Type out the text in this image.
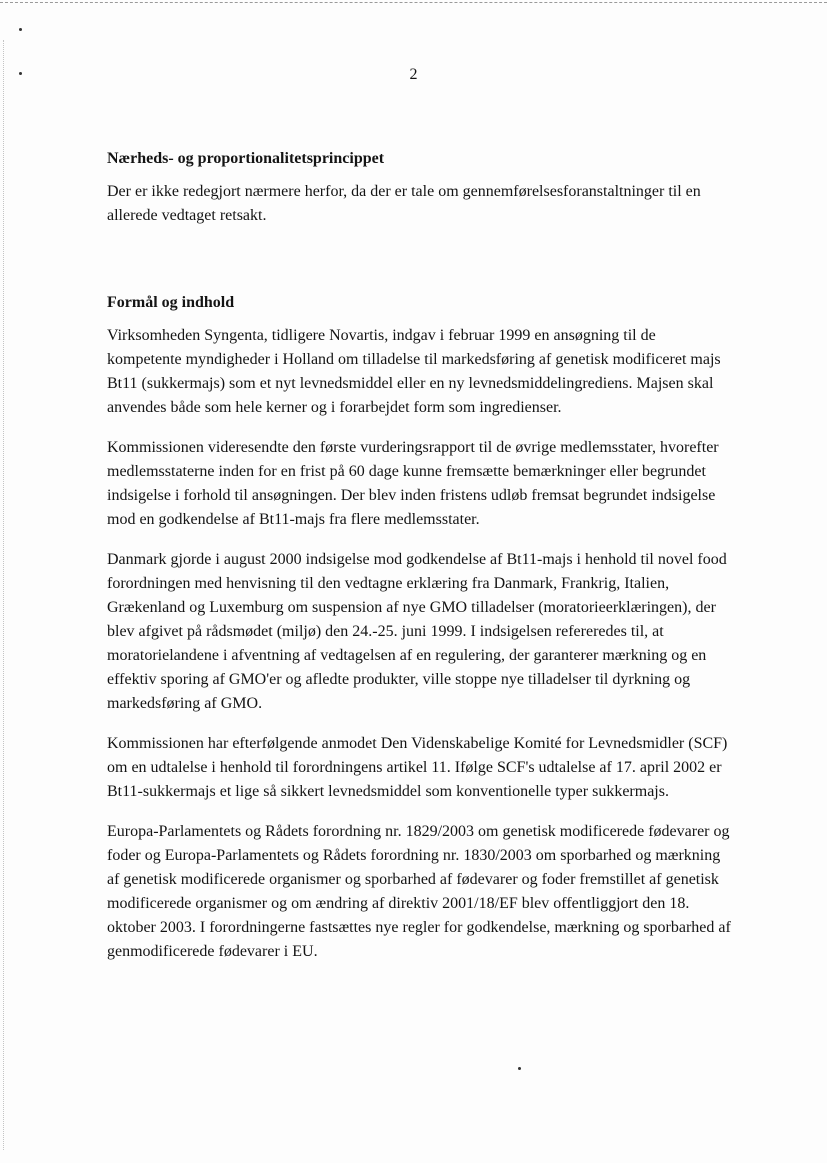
2
Nærheds- og proportionalitetsprincippet

Der er ikke redegjort nærmere herfor, da der er tale om gennemførelsesforanstaltninger til en allerede vedtaget retsakt.

Formål og indhold

Virksomheden Syngenta, tidligere Novartis, indgav i februar 1999 en ansøgning til de kompetente myndigheder i Holland om tilladelse til markedsføring af genetisk modificeret majs Bt11 (sukkermajs) som et nyt levnedsmiddel eller en ny levnedsmiddelingrediens. Majsen skal anvendes både som hele kerner og i forarbejdet form som ingredienser.

Kommissionen videresendte den første vurderingsrapport til de øvrige medlemsstater, hvorefter medlemsstaterne inden for en frist på 60 dage kunne fremsætte bemærkninger eller begrundet indsigelse i forhold til ansøgningen. Der blev inden fristens udløb fremsat begrundet indsigelse mod en godkendelse af Bt11-majs fra flere medlemsstater.

Danmark gjorde i august 2000 indsigelse mod godkendelse af Bt11-majs i henhold til novel food forordningen med henvisning til den vedtagne erklæring fra Danmark, Frankrig, Italien, Grækenland og Luxemburg om suspension af nye GMO tilladelser (moratorieerklæringen), der blev afgivet på rådsmødet (miljø) den 24.-25. juni 1999. I indsigelsen refereredes til, at moratorielandene i afventning af vedtagelsen af en regulering, der garanterer mærkning og en effektiv sporing af GMO'er og afledte produkter, ville stoppe nye tilladelser til dyrkning og markedsføring af GMO.

Kommissionen har efterfølgende anmodet Den Videnskabelige Komité for Levnedsmidler (SCF) om en udtalelse i henhold til forordningens artikel 11. Ifølge SCF's udtalelse af 17. april 2002 er Bt11-sukkermajs et lige så sikkert levnedsmiddel som konventionelle typer sukkermajs.

Europa-Parlamentets og Rådets forordning nr. 1829/2003 om genetisk modificerede fødevarer og foder og Europa-Parlamentets og Rådets forordning nr. 1830/2003 om sporbarhed og mærkning af genetisk modificerede organismer og sporbarhed af fødevarer og foder fremstillet af genetisk modificerede organismer og om ændring af direktiv 2001/18/EF blev offentliggjort den 18. oktober 2003. I forordningerne fastsættes nye regler for godkendelse, mærkning og sporbarhed af genmodificerede fødevarer i EU.
